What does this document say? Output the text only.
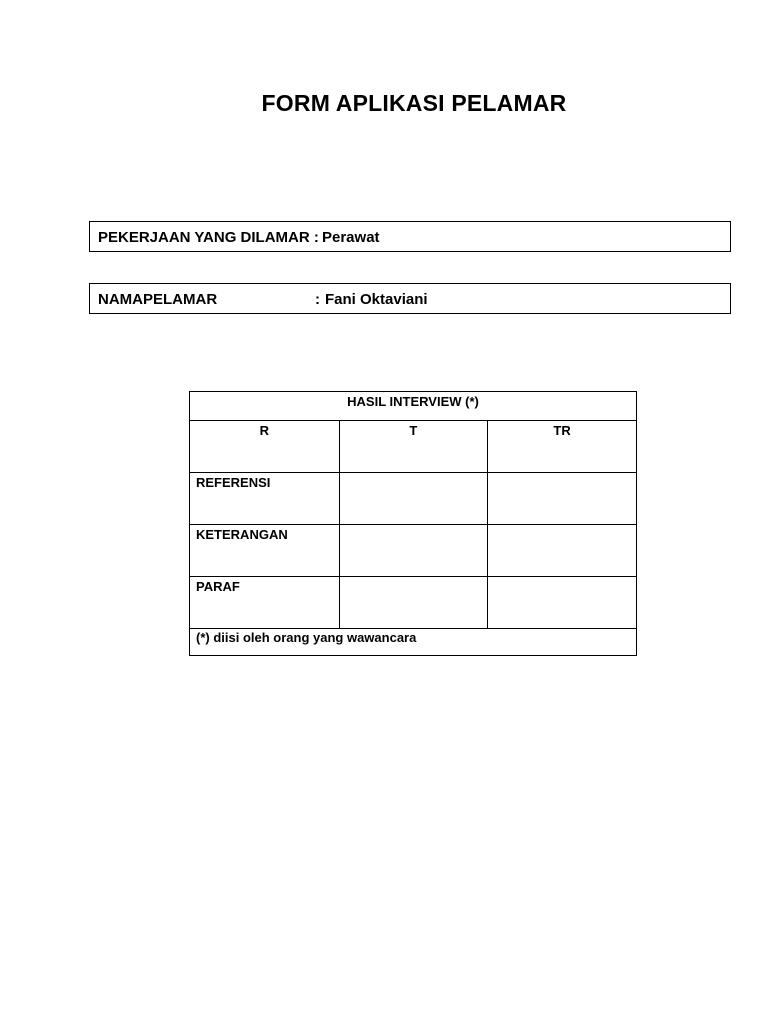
FORM APLIKASI PELAMAR
PEKERJAAN YANG DILAMAR : Perawat
NAMAPELAMAR	: Fani Oktaviani
HASIL INTERVIEW (*)		
R	T	TR
REFERENSI		
KETERANGAN		
PARAF		
(*) diisi oleh orang yang wawancara		
